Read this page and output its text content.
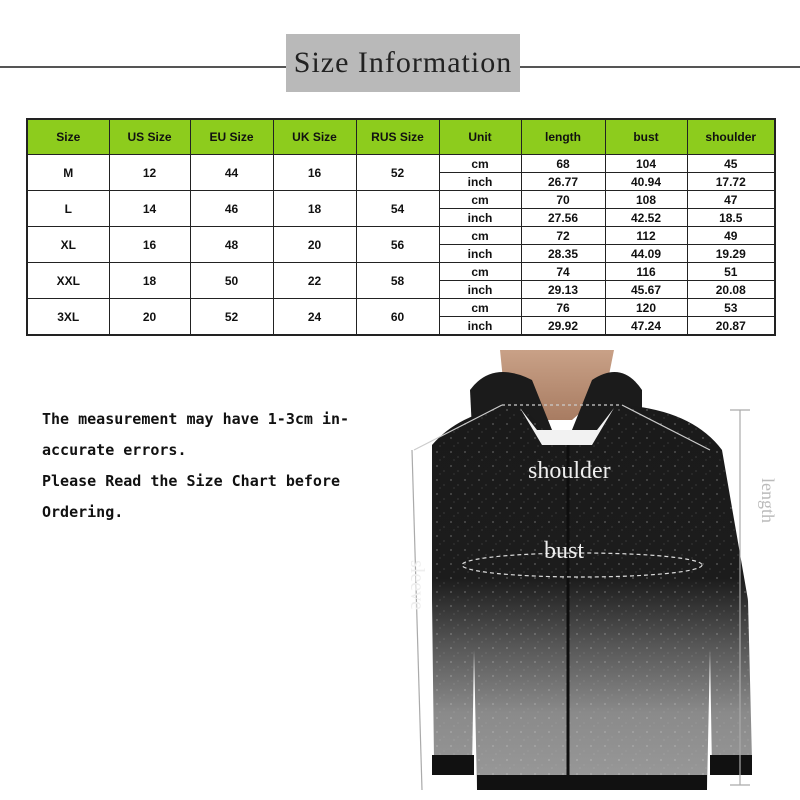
Size Information
Size	US Size	EU Size	UK Size	RUS Size	Unit	length	bust	shoulder
M	12	44	16	52	cm	68	104	45
					inch	26.77	40.94	17.72
L	14	46	18	54	cm	70	108	47
					inch	27.56	42.52	18.5
XL	16	48	20	56	cm	72	112	49
					inch	28.35	44.09	19.29
XXL	18	50	22	58	cm	74	116	51
					inch	29.13	45.67	20.08
3XL	20	52	24	60	cm	76	120	53
					inch	29.92	47.24	20.87
The measurement may have 1-3cm in-
accurate errors.
Please Read the Size Chart before
Ordering.
shoulder
bust
sleeve
length
